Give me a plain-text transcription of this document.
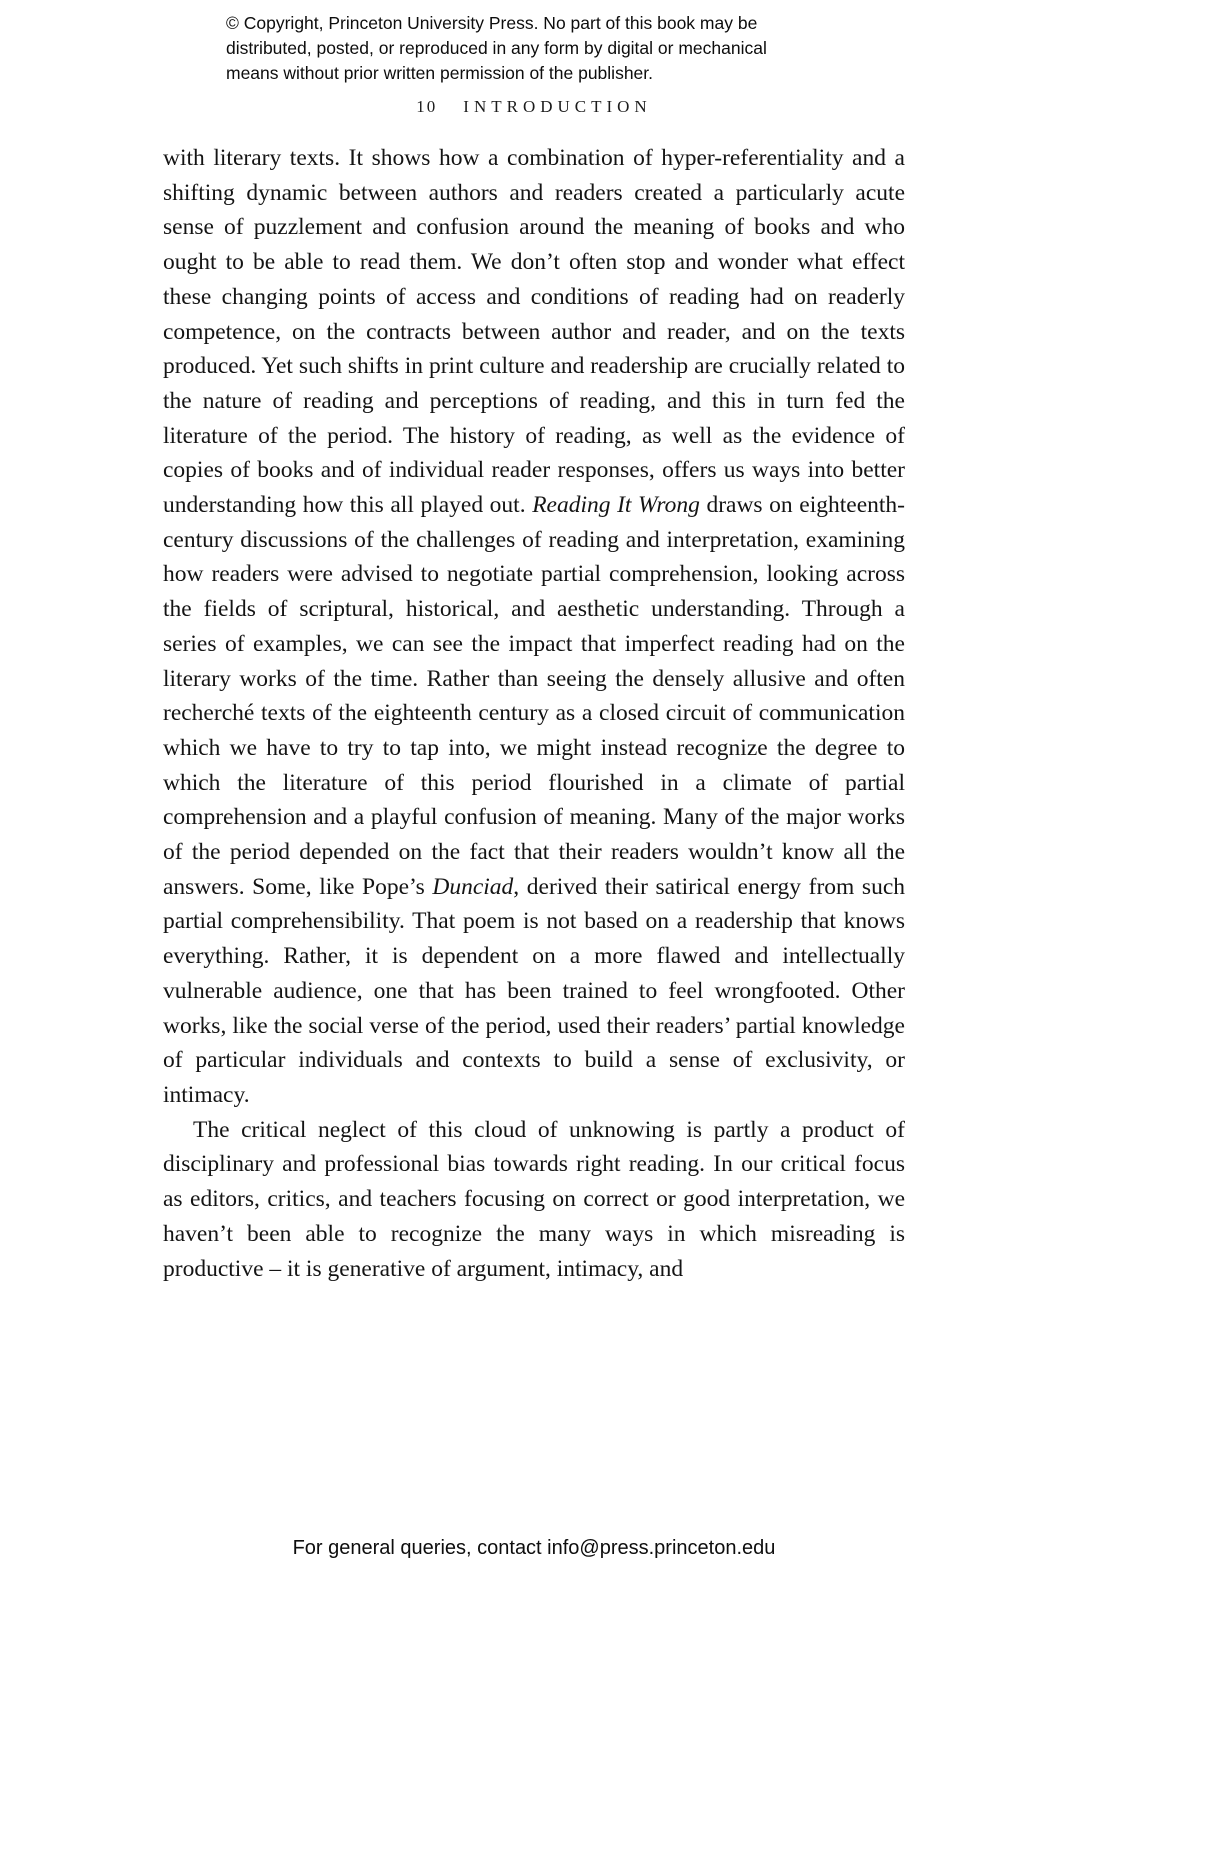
© Copyright, Princeton University Press. No part of this book may be
distributed, posted, or reproduced in any form by digital or mechanical
means without prior written permission of the publisher.
10 INTRODUCTION

with literary texts. It shows how a combination of hyper-referentiality and a shifting dynamic between authors and readers created a particularly acute sense of puzzlement and confusion around the meaning of books and who ought to be able to read them. We don’t often stop and wonder what effect these changing points of access and conditions of reading had on readerly competence, on the contracts between author and reader, and on the texts produced. Yet such shifts in print culture and readership are crucially related to the nature of reading and perceptions of reading, and this in turn fed the literature of the period. The history of reading, as well as the evidence of copies of books and of individual reader responses, offers us ways into better understanding how this all played out. Reading It Wrong draws on eighteenth-century discussions of the challenges of reading and interpretation, examining how readers were advised to negotiate partial comprehension, looking across the fields of scriptural, historical, and aesthetic understanding. Through a series of examples, we can see the impact that imperfect reading had on the literary works of the time. Rather than seeing the densely allusive and often recherché texts of the eighteenth century as a closed circuit of communication which we have to try to tap into, we might instead recognize the degree to which the literature of this period flourished in a climate of partial comprehension and a playful confusion of meaning. Many of the major works of the period depended on the fact that their readers wouldn’t know all the answers. Some, like Pope’s Dunciad, derived their satirical energy from such partial comprehensibility. That poem is not based on a readership that knows everything. Rather, it is dependent on a more flawed and intellectually vulnerable audience, one that has been trained to feel wrongfooted. Other works, like the social verse of the period, used their readers’ partial knowledge of particular individuals and contexts to build a sense of exclusivity, or intimacy.

The critical neglect of this cloud of unknowing is partly a product of disciplinary and professional bias towards right reading. In our critical focus as editors, critics, and teachers focusing on correct or good interpretation, we haven’t been able to recognize the many ways in which misreading is productive – it is generative of argument, intimacy, and

For general queries, contact info@press.princeton.edu
